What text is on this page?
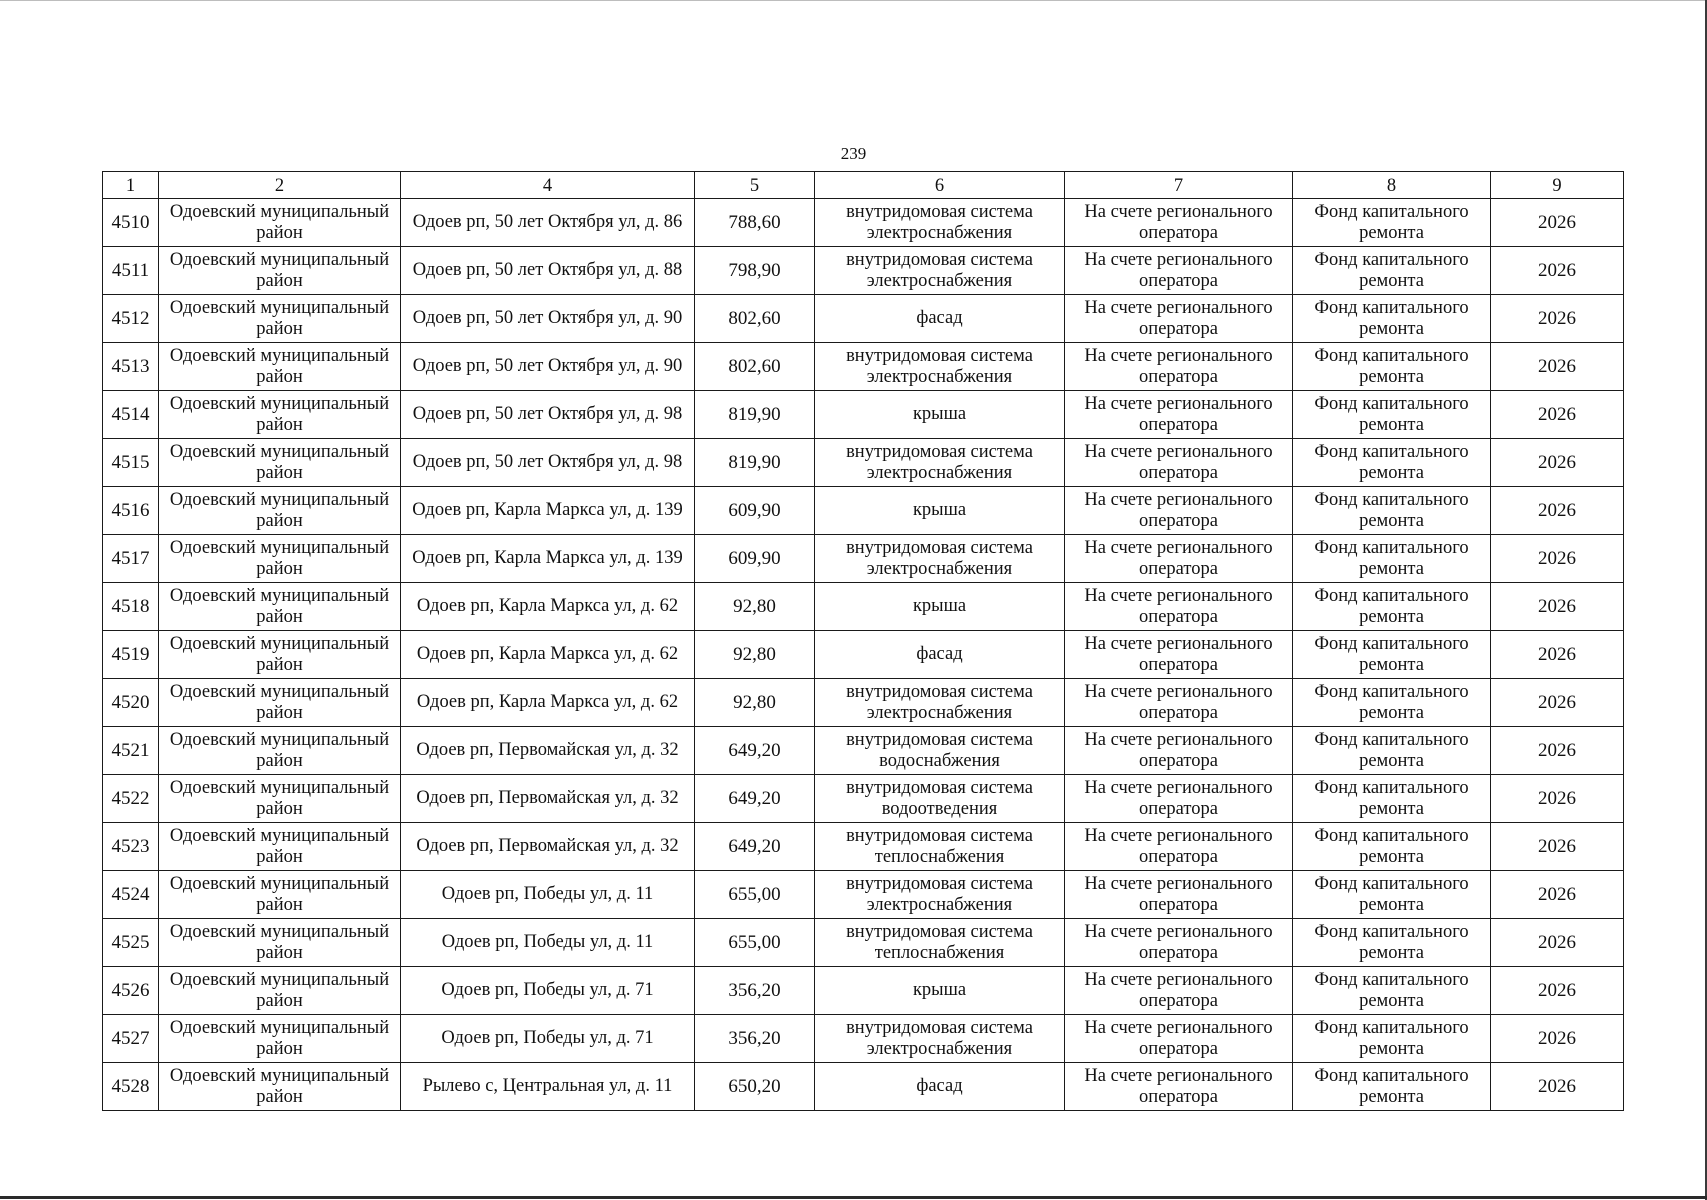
239
1	2	4	5	6	7	8	9
4510	Одоевский муниципальный район	Одоев рп, 50 лет Октября ул, д. 86	788,60	внутридомовая система электроснабжения	На счете регионального оператора	Фонд капитального ремонта	2026
4511	Одоевский муниципальный район	Одоев рп, 50 лет Октября ул, д. 88	798,90	внутридомовая система электроснабжения	На счете регионального оператора	Фонд капитального ремонта	2026
4512	Одоевский муниципальный район	Одоев рп, 50 лет Октября ул, д. 90	802,60	фасад	На счете регионального оператора	Фонд капитального ремонта	2026
4513	Одоевский муниципальный район	Одоев рп, 50 лет Октября ул, д. 90	802,60	внутридомовая система электроснабжения	На счете регионального оператора	Фонд капитального ремонта	2026
4514	Одоевский муниципальный район	Одоев рп, 50 лет Октября ул, д. 98	819,90	крыша	На счете регионального оператора	Фонд капитального ремонта	2026
4515	Одоевский муниципальный район	Одоев рп, 50 лет Октября ул, д. 98	819,90	внутридомовая система электроснабжения	На счете регионального оператора	Фонд капитального ремонта	2026
4516	Одоевский муниципальный район	Одоев рп, Карла Маркса ул, д. 139	609,90	крыша	На счете регионального оператора	Фонд капитального ремонта	2026
4517	Одоевский муниципальный район	Одоев рп, Карла Маркса ул, д. 139	609,90	внутридомовая система электроснабжения	На счете регионального оператора	Фонд капитального ремонта	2026
4518	Одоевский муниципальный район	Одоев рп, Карла Маркса ул, д. 62	92,80	крыша	На счете регионального оператора	Фонд капитального ремонта	2026
4519	Одоевский муниципальный район	Одоев рп, Карла Маркса ул, д. 62	92,80	фасад	На счете регионального оператора	Фонд капитального ремонта	2026
4520	Одоевский муниципальный район	Одоев рп, Карла Маркса ул, д. 62	92,80	внутридомовая система электроснабжения	На счете регионального оператора	Фонд капитального ремонта	2026
4521	Одоевский муниципальный район	Одоев рп, Первомайская ул, д. 32	649,20	внутридомовая система водоснабжения	На счете регионального оператора	Фонд капитального ремонта	2026
4522	Одоевский муниципальный район	Одоев рп, Первомайская ул, д. 32	649,20	внутридомовая система водоотведения	На счете регионального оператора	Фонд капитального ремонта	2026
4523	Одоевский муниципальный район	Одоев рп, Первомайская ул, д. 32	649,20	внутридомовая система теплоснабжения	На счете регионального оператора	Фонд капитального ремонта	2026
4524	Одоевский муниципальный район	Одоев рп, Победы ул, д. 11	655,00	внутридомовая система электроснабжения	На счете регионального оператора	Фонд капитального ремонта	2026
4525	Одоевский муниципальный район	Одоев рп, Победы ул, д. 11	655,00	внутридомовая система теплоснабжения	На счете регионального оператора	Фонд капитального ремонта	2026
4526	Одоевский муниципальный район	Одоев рп, Победы ул, д. 71	356,20	крыша	На счете регионального оператора	Фонд капитального ремонта	2026
4527	Одоевский муниципальный район	Одоев рп, Победы ул, д. 71	356,20	внутридомовая система электроснабжения	На счете регионального оператора	Фонд капитального ремонта	2026
4528	Одоевский муниципальный район	Рылево с, Центральная ул, д. 11	650,20	фасад	На счете регионального оператора	Фонд капитального ремонта	2026
